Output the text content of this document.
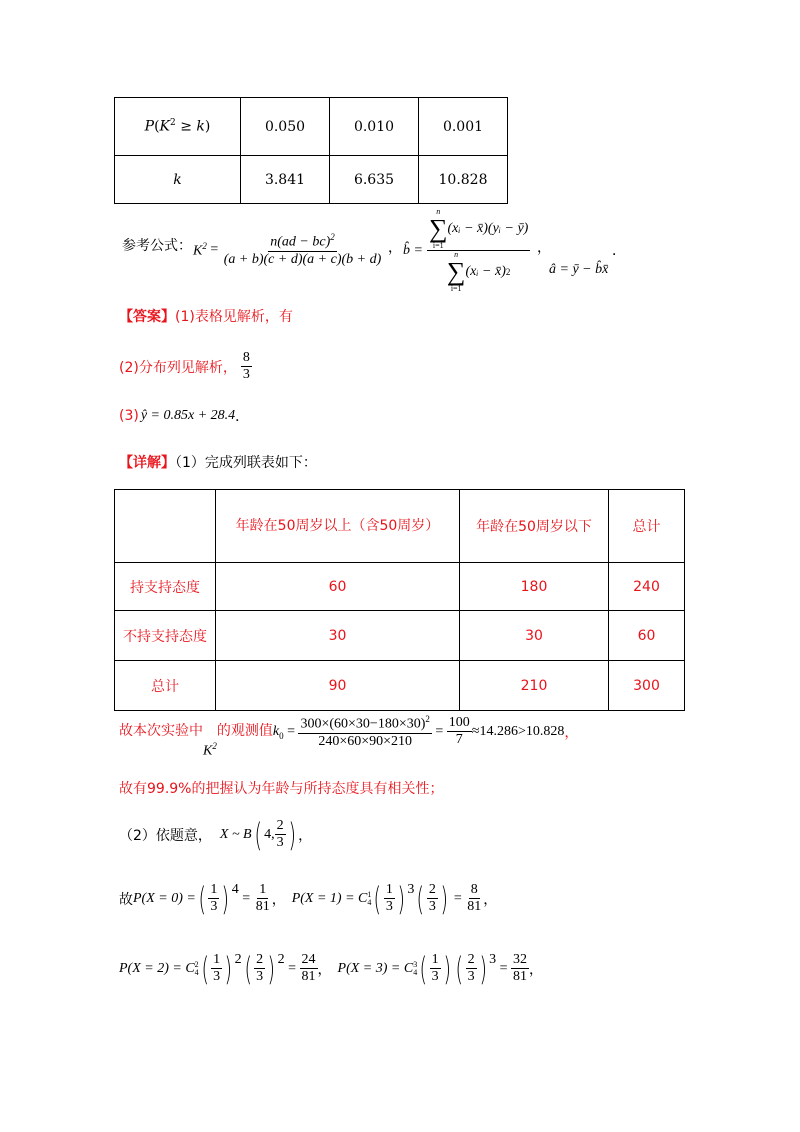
$P(K^2 \ge k)$	0.050	0.010	0.001
k	3.841	6.635	10.828
参考公式： $K^2 = \frac{n(ad - bc)^2}{(a + b)(c + d)(a + c)(b + d)}$ ， b̂ = n
∑
i=1
(xᵢ − x̄)(yᵢ − ȳ)
n
∑
i=1
(xᵢ − x̄) 2 ，
â = ȳ − b̂x̄
．
【答案】(1)表格见解析，有
(2)分布列见解析， $\frac{8}{3}$
(3) ŷ = 0.85x + 28.4 ．
【详解】（1）完成列联表如下：
	年龄在50周岁以上（含50周岁）	年龄在50周岁以下	总计
持支持态度	60	180	240
不持支持态度	30	30	60
总计	90	210	300
故本次实验中
$K^2$
的观测值 $k_0 = \frac{300\times(60\times 30-180\times 30)^2}{240\times 60\times 90\times 210} = \frac{100}{7} \approx 14.286>10.828$ ，
故有99.9%的把握认为年龄与所持态度具有相关性；
（2）依题意， X ~ B ( 4, $\frac{2}{3}$ ) ，
故 P(X = 0) = ( $\frac{1}{3}$ ) 4
= $\frac{1}{81}$ ， P(X = 1) = C 1
4 ( $\frac{1}{3}$ ) 3 ( $\frac{2}{3}$ ) = $\frac{8}{81}$ ，
P(X = 2) = C 2
4 ( $\frac{1}{3}$ ) 2 ( $\frac{2}{3}$ ) 2
= $\frac{24}{81}$ ， P(X = 3) = C 3
4 ( $\frac{1}{3}$ ) ( $\frac{2}{3}$ ) 3
= $\frac{32}{81}$ ，
